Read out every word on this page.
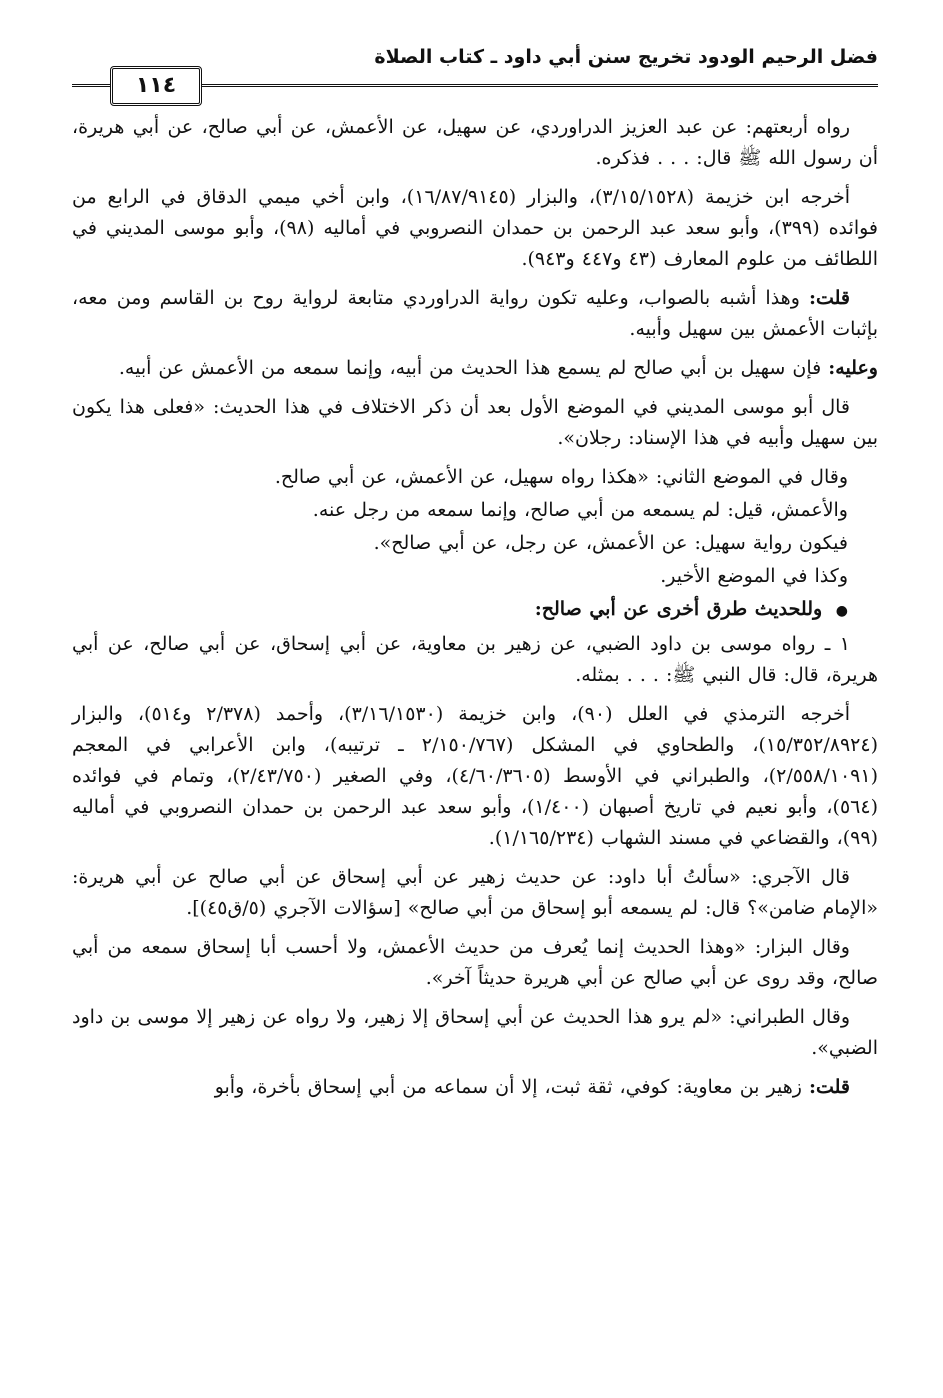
فضل الرحيم الودود تخريج سنن أبي داود ـ كتاب الصلاة
١١٤

رواه أربعتهم: عن عبد العزيز الدراوردي، عن سهيل، عن الأعمش، عن أبي صالح، عن أبي هريرة، أن رسول الله ﷺ قال: . . . فذكره.

أخرجه ابن خزيمة (٣/١٥/١٥٢٨)، والبزار (١٦/٨٧/٩١٤٥)، وابن أخي ميمي الدقاق في الرابع من فوائده (٣٩٩)، وأبو سعد عبد الرحمن بن حمدان النصروبي في أماليه (٩٨)، وأبو موسى المديني في اللطائف من علوم المعارف (٤٣ و٤٤٧ و٩٤٣).

قلت: وهذا أشبه بالصواب، وعليه تكون رواية الدراوردي متابعة لرواية روح بن القاسم ومن معه، بإثبات الأعمش بين سهيل وأبيه.

وعليه: فإن سهيل بن أبي صالح لم يسمع هذا الحديث من أبيه، وإنما سمعه من الأعمش عن أبيه.

قال أبو موسى المديني في الموضع الأول بعد أن ذكر الاختلاف في هذا الحديث: «فعلى هذا يكون بين سهيل وأبيه في هذا الإسناد: رجلان».

وقال في الموضع الثاني: «هكذا رواه سهيل، عن الأعمش، عن أبي صالح.

والأعمش، قيل: لم يسمعه من أبي صالح، وإنما سمعه من رجل عنه.

فيكون رواية سهيل: عن الأعمش، عن رجل، عن أبي صالح».

وكذا في الموضع الأخير.

● وللحديث طرق أخرى عن أبي صالح:

١ ـ رواه موسى بن داود الضبي، عن زهير بن معاوية، عن أبي إسحاق، عن أبي صالح، عن أبي هريرة، قال: قال النبي ﷺ: . . . بمثله.

أخرجه الترمذي في العلل (٩٠)، وابن خزيمة (٣/١٦/١٥٣٠)، وأحمد (٢/٣٧٨ و٥١٤)، والبزار (١٥/٣٥٢/٨٩٢٤)، والطحاوي في المشكل (٢/١٥٠/٧٦٧ ـ ترتيبه)، وابن الأعرابي في المعجم (٢/٥٥٨/١٠٩١)، والطبراني في الأوسط (٤/٦٠/٣٦٠٥)، وفي الصغير (٢/٤٣/٧٥٠)، وتمام في فوائده (٥٦٤)، وأبو نعيم في تاريخ أصبهان (١/٤٠٠)، وأبو سعد عبد الرحمن بن حمدان النصروبي في أماليه (٩٩)، والقضاعي في مسند الشهاب (١/١٦٥/٢٣٤).

قال الآجري: «سألتُ أبا داود: عن حديث زهير عن أبي إسحاق عن أبي صالح عن أبي هريرة: «الإمام ضامن»؟ قال: لم يسمعه أبو إسحاق من أبي صالح» [سؤالات الآجري (٥/ق٤٥)].

وقال البزار: «وهذا الحديث إنما يُعرف من حديث الأعمش، ولا أحسب أبا إسحاق سمعه من أبي صالح، وقد روى عن أبي صالح عن أبي هريرة حديثاً آخر».

وقال الطبراني: «لم يرو هذا الحديث عن أبي إسحاق إلا زهير، ولا رواه عن زهير إلا موسى بن داود الضبي».

قلت: زهير بن معاوية: كوفي، ثقة ثبت، إلا أن سماعه من أبي إسحاق بأخرة، وأبو
